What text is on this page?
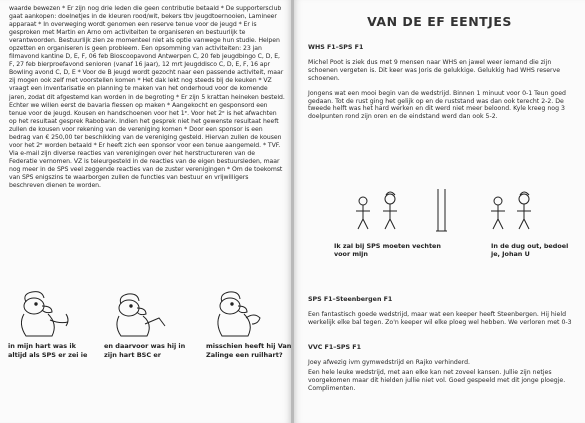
waarde bewezen * Er zijn nog drie leden die geen contributie betaald * De supportersclub gaat aankopen: doelnetjes in de kleuren rood/wit, bekers tbv jeugdtoernooien, Lamineer apparaat * In overweging wordt genomen een reserve tenue voor de jeugd * Er is gesproken met Martin en Arno om activiteiten te organiseren en bestuurlijk te verantwoorden. Bestuurlijk zien ze momenteel niet als optie vanwege hun studie. Helpen opzetten en organiseren is geen probleem. Een opsomming van activiteiten: 23 jan filmavond kantine D, E, F, 06 feb Bioscoopavond Antwerpen C, 20 feb jeugdbingo C, D, E, F, 27 feb bierproefavond senioren (vanaf 16 jaar), 12 mrt Jeugddisco C, D, E, F, 16 apr Bowling avond C, D, E * Voor de B jeugd wordt gezocht naar een passende activiteit, maar zij mogen ook zelf met voorstellen komen * Het dak lekt nog steeds bij de keuken * VZ vraagt een inventarisatie en planning te maken van het onderhoud voor de komende jaren, zodat dit afgestemd kan worden in de begroting * Er zijn 5 krattan heineken besteld. Echter we willen eerst de bavaria flessen op maken * Aangekocht en gesponsord een tenue voor de jeugd. Kousen en handschoenen voor het 1ᵉ. Voor het 2ᵉ is het afwachten op het resultaat gesprek Rabobank. Indien het gesprek niet het gewenste resultaat heeft zullen de kousen voor rekening van de vereniging komen * Door een sponsor is een bedrag van € 250,00 ter beschikking van de vereniging gesteld. Hiervan zullen de kousen voor het 2ᵉ worden betaald * Er heeft zich een sponsor voor een tenue aangemeld. * TVF. Via e-mail zijn diverse reacties van verenigingen over het herstructureren van de Federatie vernomen. VZ is teleurgesteld in de reacties van de eigen bestuursleden, maar nog meer in de SPS veel zeggende reacties van de zuster verenigingen * Om de toekomst van SPS enigszins te waarborgen zullen de functies van bestuur en vrijwilligers beschreven dienen te worden.

in mijn hart was ik altijd als SPS er zei ie
en daarvoor was hij in zijn hart BSC er
misschien heeft hij Van Zalinge een ruilhart?
VAN DE EF EENTJES

WHS F1–SPS F1

Michel Poot is ziek dus met 9 mensen naar WHS en jawel weer iemand die zijn schoenen vergeten is. Dit keer was Joris de gelukkige. Gelukkig had WHS reserve schoenen.

Jongens wat een mooi begin van de wedstrijd. Binnen 1 minuut voor 0-1 Teun goed gedaan. Tot de rust ging het gelijk op en de ruststand was dan ook terecht 2-2. De tweede helft was het hard werken en dit werd niet meer beloond. Kyle kreeg nog 3 doelpunten rond zijn oren en de eindstand werd dan ook 5-2.

Ik zal bij SPS moeten vechten voor mijn
In de dug out, bedoel je, Johan U

SPS F1–Steenbergen F1

Een fantastisch goede wedstrijd, maar wat een keeper heeft Steenbergen. Hij hield werkelijk elke bal tegen. Zo'n keeper wil elke ploeg wel hebben. We verloren met 0-3

VVC F1–SPS F1

Joey afwezig ivm gymwedstrijd en Rajko verhinderd.

Een hele leuke wedstrijd, met aan elke kan net zoveel kansen. Jullie zijn netjes voorgekomen maar dit hielden jullie niet vol. Goed gespeeld met dit jonge ploegje. Complimenten.
